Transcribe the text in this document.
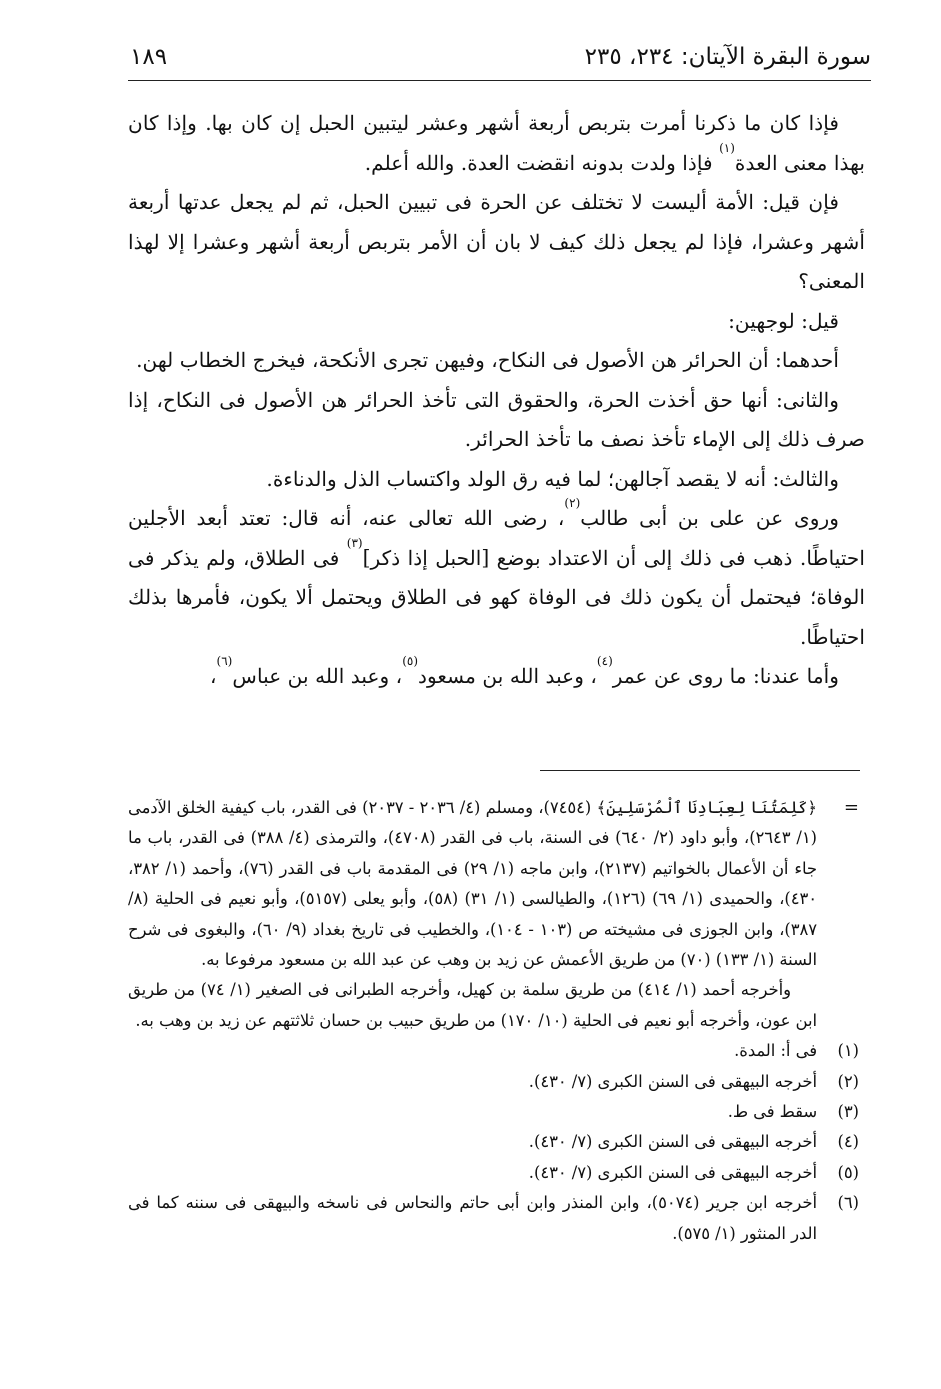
سورة البقرة الآيتان: ٢٣٤، ٢٣٥
١٨٩

فإذا كان ما ذكرنا أمرت بتربص أربعة أشهر وعشر ليتبين الحبل إن كان بها. وإذا كان بهذا معنى العدة$^{(١)}$ فإذا ولدت بدونه انقضت العدة. والله أعلم.

فإن قيل: الأمة أليست لا تختلف عن الحرة فى تبيين الحبل، ثم لم يجعل عدتها أربعة أشهر وعشرا، فإذا لم يجعل ذلك كيف لا بان أن الأمر بتربص أربعة أشهر وعشرا إلا لهذا المعنى؟

قيل: لوجهين:

أحدهما: أن الحرائر هن الأصول فى النكاح، وفيهن تجرى الأنكحة، فيخرج الخطاب لهن.

والثانى: أنها حق أخذت الحرة، والحقوق التى تأخذ الحرائر هن الأصول فى النكاح، إذا صرف ذلك إلى الإماء تأخذ نصف ما تأخذ الحرائر.

والثالث: أنه لا يقصد آجالهن؛ لما فيه رق الولد واكتساب الذل والدناءة.

وروى عن على بن أبى طالب$^{(٢)}$، رضى الله تعالى عنه، أنه قال: تعتد أبعد الأجلين احتياطًا. ذهب فى ذلك إلى أن الاعتداد بوضع [الحبل إذا ذكر]$^{(٣)}$ فى الطلاق، ولم يذكر فى الوفاة؛ فيحتمل أن يكون ذلك فى الوفاة كهو فى الطلاق ويحتمل ألا يكون، فأمرها بذلك احتياطًا.

وأما عندنا: ما روى عن عمر$^{(٤)}$، وعبد الله بن مسعود$^{(٥)}$، وعبد الله بن عباس$^{(٦)}$،

=

﴿كَلِمَتُنَا لِعِبَادِنَا ٱلْمُرْسَلِينَ﴾ (٧٤٥٤)، ومسلم (٤/ ٢٠٣٦ - ٢٠٣٧) فى القدر، باب كيفية الخلق الآدمى (١/ ٢٦٤٣)، وأبو داود (٢/ ٦٤٠) فى السنة، باب فى القدر (٤٧٠٨)، والترمذى (٤/ ٣٨٨) فى القدر، باب ما جاء أن الأعمال بالخواتيم (٢١٣٧)، وابن ماجه (١/ ٢٩) فى المقدمة باب فى القدر (٧٦)، وأحمد (١/ ٣٨٢، ٤٣٠)، والحميدى (١/ ٦٩) (١٢٦)، والطيالسى (١/ ٣١) (٥٨)، وأبو يعلى (٥١٥٧)، وأبو نعيم فى الحلية (٨/ ٣٨٧)، وابن الجوزى فى مشيخته ص (١٠٣ - ١٠٤)، والخطيب فى تاريخ بغداد (٩/ ٦٠)، والبغوى فى شرح السنة (١/ ١٣٣) (٧٠) من طريق الأعمش عن زيد بن وهب عن عبد الله بن مسعود مرفوعا به.

وأخرجه أحمد (١/ ٤١٤) من طريق سلمة بن كهيل، وأخرجه الطبرانى فى الصغير (١/ ٧٤) من طريق ابن عون، وأخرجه أبو نعيم فى الحلية (١٠/ ١٧٠) من طريق حبيب بن حسان ثلاثتهم عن زيد بن وهب به.

(١)
فى أ: المدة.
(٢)
أخرجه البيهقى فى السنن الكبرى (٧/ ٤٣٠).
(٣)
سقط فى ط.
(٤)
أخرجه البيهقى فى السنن الكبرى (٧/ ٤٣٠).
(٥)
أخرجه البيهقى فى السنن الكبرى (٧/ ٤٣٠).
(٦)
أخرجه ابن جرير (٥٠٧٤)، وابن المنذر وابن أبى حاتم والنحاس فى ناسخه والبيهقى فى سننه كما فى الدر المنثور (١/ ٥٧٥).
